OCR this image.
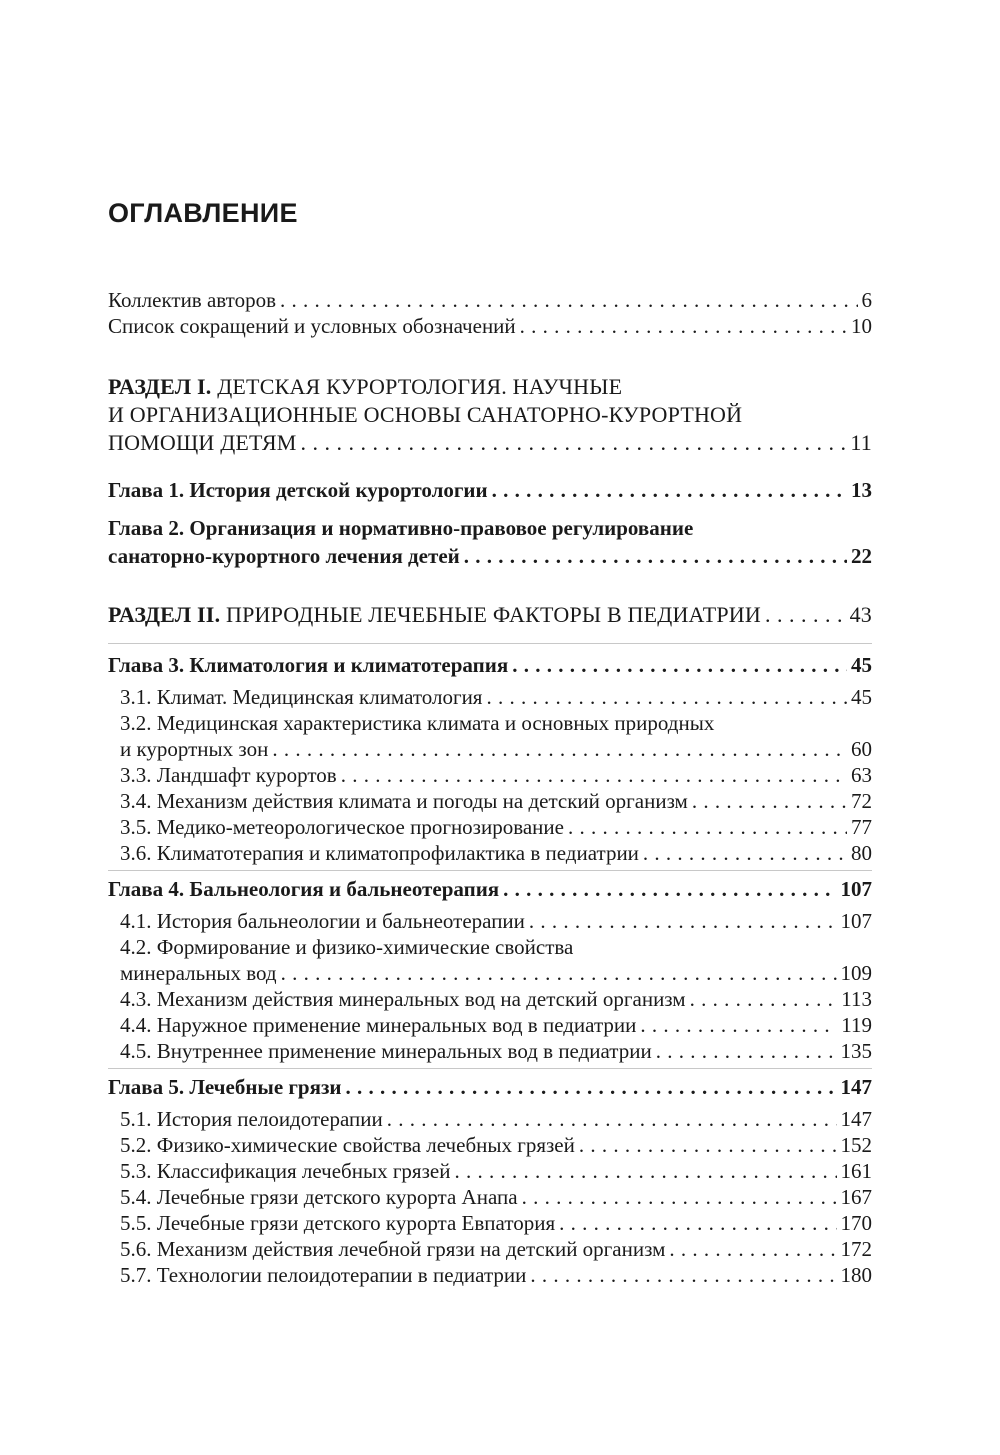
ОГЛАВЛЕНИЕ
Коллектив авторов . . .	6
Список сокращений и условных обозначений . . .	10
РАЗДЕЛ I. ДЕТСКАЯ КУРОРТОЛОГИЯ. НАУЧНЫЕ
И ОРГАНИЗАЦИОННЫЕ ОСНОВЫ САНАТОРНО-КУРОРТНОЙ
ПОМОЩИ ДЕТЯМ . . .	11
Глава 1. История детской курортологии . . .	13
Глава 2. Организация и нормативно-правовое регулирование
санаторно-курортного лечения детей . . .	22
РАЗДЕЛ II. ПРИРОДНЫЕ ЛЕЧЕБНЫЕ ФАКТОРЫ В ПЕДИАТРИИ . . .	43
Глава 3. Климатология и климатотерапия . . .	45
3.1. Климат. Медицинская климатология . . .	45
3.2. Медицинская характеристика климата и основных природных
и курортных зон . . .	60
3.3. Ландшафт курортов . . .	63
3.4. Механизм действия климата и погоды на детский организм . . .	72
3.5. Медико-метеорологическое прогнозирование . . .	77
3.6. Климатотерапия и климатопрофилактика в педиатрии . . .	80
Глава 4. Бальнеология и бальнеотерапия . . .	107
4.1. История бальнеологии и бальнеотерапии . . .	107
4.2. Формирование и физико-химические свойства
минеральных вод . . .	109
4.3. Механизм действия минеральных вод на детский организм . . .	113
4.4. Наружное применение минеральных вод в педиатрии . . .	119
4.5. Внутреннее применение минеральных вод в педиатрии . . .	135
Глава 5. Лечебные грязи . . .	147
5.1. История пелоидотерапии . . .	147
5.2. Физико-химические свойства лечебных грязей . . .	152
5.3. Классификация лечебных грязей . . .	161
5.4. Лечебные грязи детского курорта Анапа . . .	167
5.5. Лечебные грязи детского курорта Евпатория . . .	170
5.6. Механизм действия лечебной грязи на детский организм . . .	172
5.7. Технологии пелоидотерапии в педиатрии . . .	180
